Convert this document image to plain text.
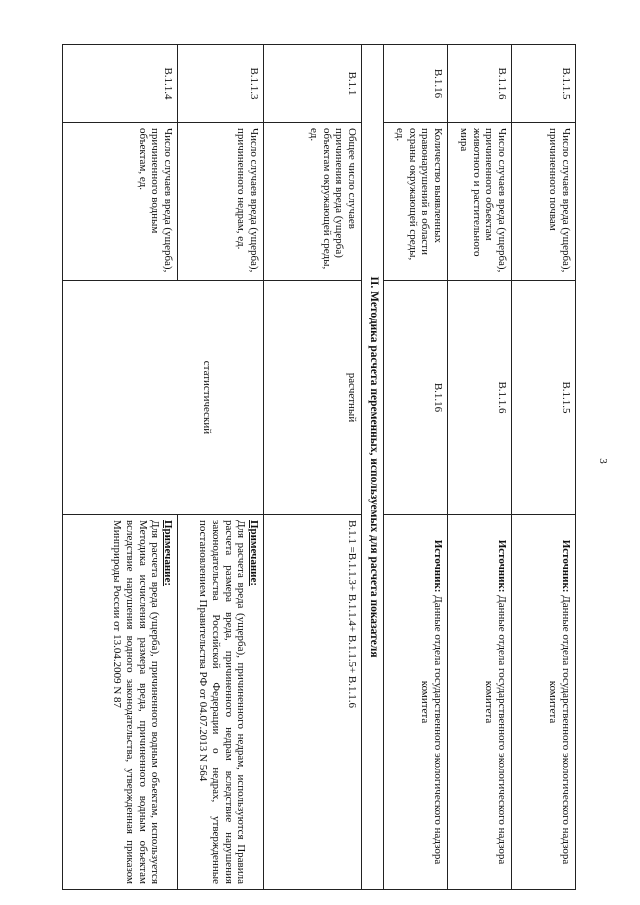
3
В.1.1.5	Число случаев вреда (ущерба), причиненного почвам	В.1.1.5	Источник: Данные отдела государственного экологического надзора комитета
В.1.1.6	Число случаев вреда (ущерба), причиненного объектам животного и растительного мира	В.1.1.6	Источник: Данные отдела государственного экологического надзора комитета
В.1.16	Количество выявленных правонарушений в области охраны окружающей среды, ед.	В.1.16	Источник: Данные отдела государственного экологического надзора комитета
II. Методика расчета переменных, используемых для расчета показателя			
В.1.1	Общее число случаев причинения вреда (ущерба) объектам окружающей среды, ед.	расчетный	В.1.1 =В.1.1.3+ В.1.1.4+ В.1.1.5+ В.1.1.6

В.1.1.3	Число случаев вреда (ущерба), причиненного недрам, ед.	статистический	Примечание:
Для расчета вреда (ущерба), причиненного недрам, используются Правила расчета размера вреда, причиненного недрам вследствие нарушения законодательства Российской Федерации о недрах, утвержденные постановлением Правительства РФ от 04.07.2013 N 564

В.1.1.4	Число случаев вреда (ущерба), причиненного водным объектам, ед.		Примечание:
Для расчета вреда (ущерба), причиненного водным объектам, используется Методика исчисления размера вреда, причиненного водным объектам вследствие нарушения водного законодательства, утвержденная приказом Минприроды России от 13.04.2009 N 87
